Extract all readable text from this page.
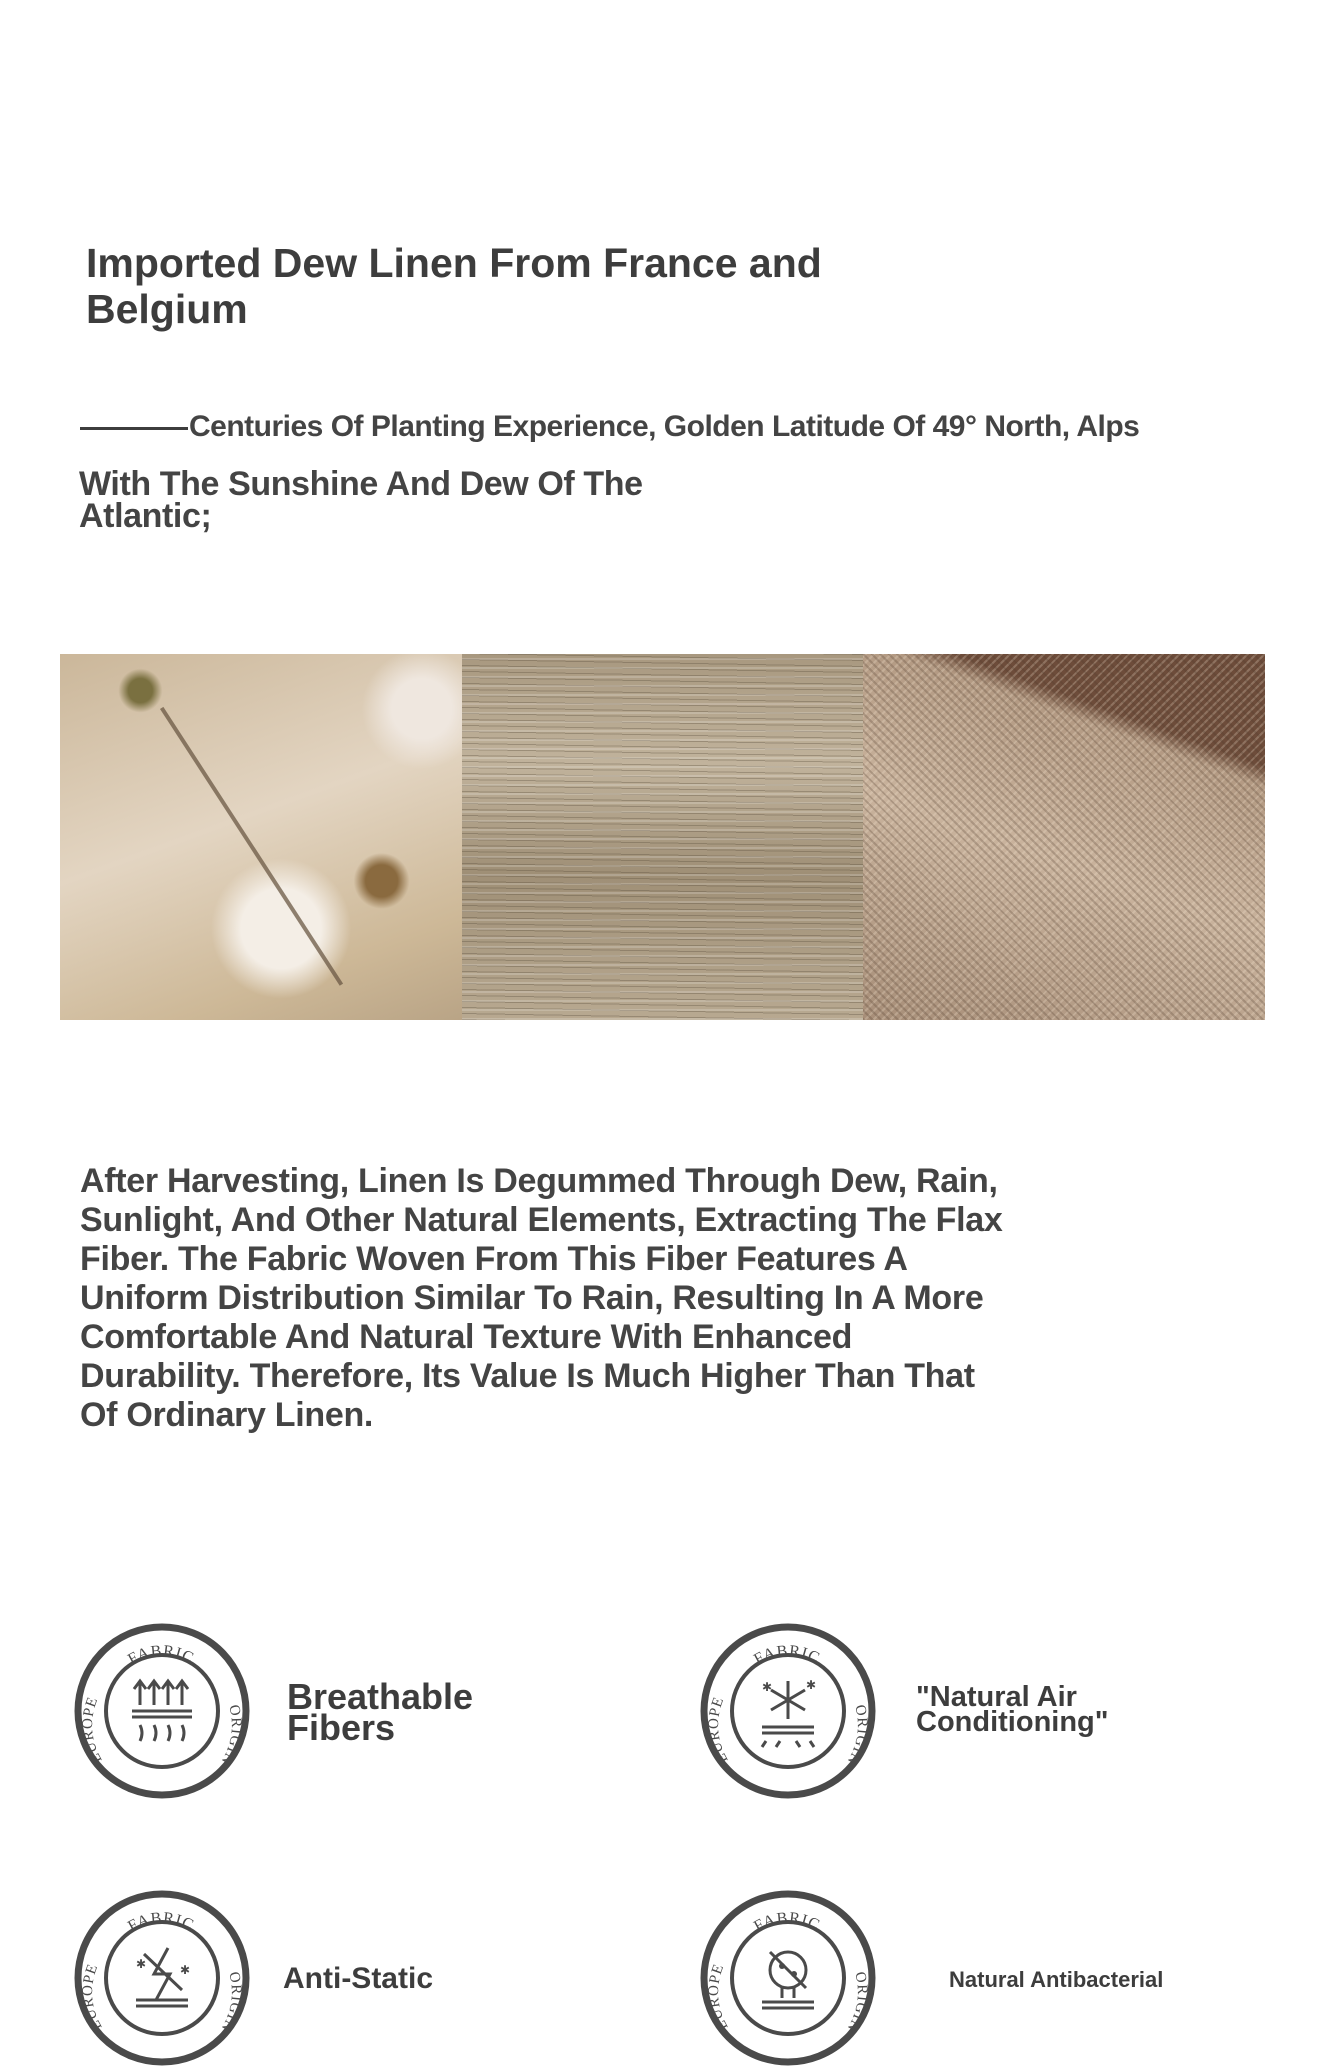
Imported Dew Linen From France and Belgium
Centuries Of Planting Experience, Golden Latitude Of 49° North, Alps
With The Sunshine And Dew Of The Atlantic;
After Harvesting, Linen Is Degummed Through Dew, Rain, Sunlight, And Other Natural Elements, Extracting The Flax Fiber. The Fabric Woven From This Fiber Features A Uniform Distribution Similar To Rain, Resulting In A More Comfortable And Natural Texture With Enhanced Durability. Therefore, Its Value Is Much Higher Than That Of Ordinary Linen.
FABRIC
EUROPE
ORIGIN
Breathable Fibers
FABRIC
EUROPE
ORIGIN
✱	✱	"Natural Air Conditioning"
FABRIC
EUROPE
ORIGIN
✱	✱	Anti-Static
FABRIC
EUROPE
ORIGIN
Natural Antibacterial
